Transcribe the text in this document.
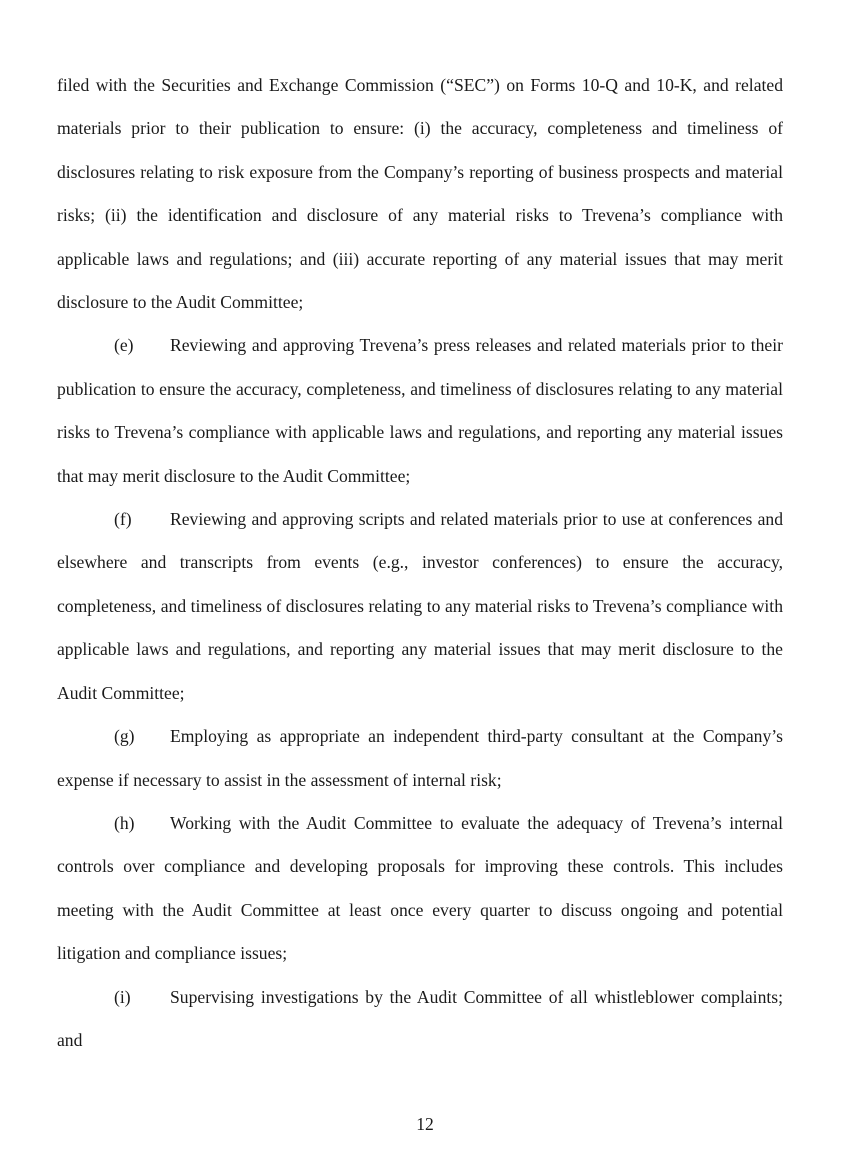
filed with the Securities and Exchange Commission (“SEC”) on Forms 10-Q and 10-K, and related materials prior to their publication to ensure: (i) the accuracy, completeness and timeliness of disclosures relating to risk exposure from the Company’s reporting of business prospects and material risks; (ii) the identification and disclosure of any material risks to Trevena’s compliance with applicable laws and regulations; and (iii) accurate reporting of any material issues that may merit disclosure to the Audit Committee;

(e) Reviewing and approving Trevena’s press releases and related materials prior to their publication to ensure the accuracy, completeness, and timeliness of disclosures relating to any material risks to Trevena’s compliance with applicable laws and regulations, and reporting any material issues that may merit disclosure to the Audit Committee;

(f) Reviewing and approving scripts and related materials prior to use at conferences and elsewhere and transcripts from events (e.g., investor conferences) to ensure the accuracy, completeness, and timeliness of disclosures relating to any material risks to Trevena’s compliance with applicable laws and regulations, and reporting any material issues that may merit disclosure to the Audit Committee;

(g) Employing as appropriate an independent third-party consultant at the Company’s expense if necessary to assist in the assessment of internal risk;

(h) Working with the Audit Committee to evaluate the adequacy of Trevena’s internal controls over compliance and developing proposals for improving these controls. This includes meeting with the Audit Committee at least once every quarter to discuss ongoing and potential litigation and compliance issues;

(i) Supervising investigations by the Audit Committee of all whistleblower complaints; and

12
